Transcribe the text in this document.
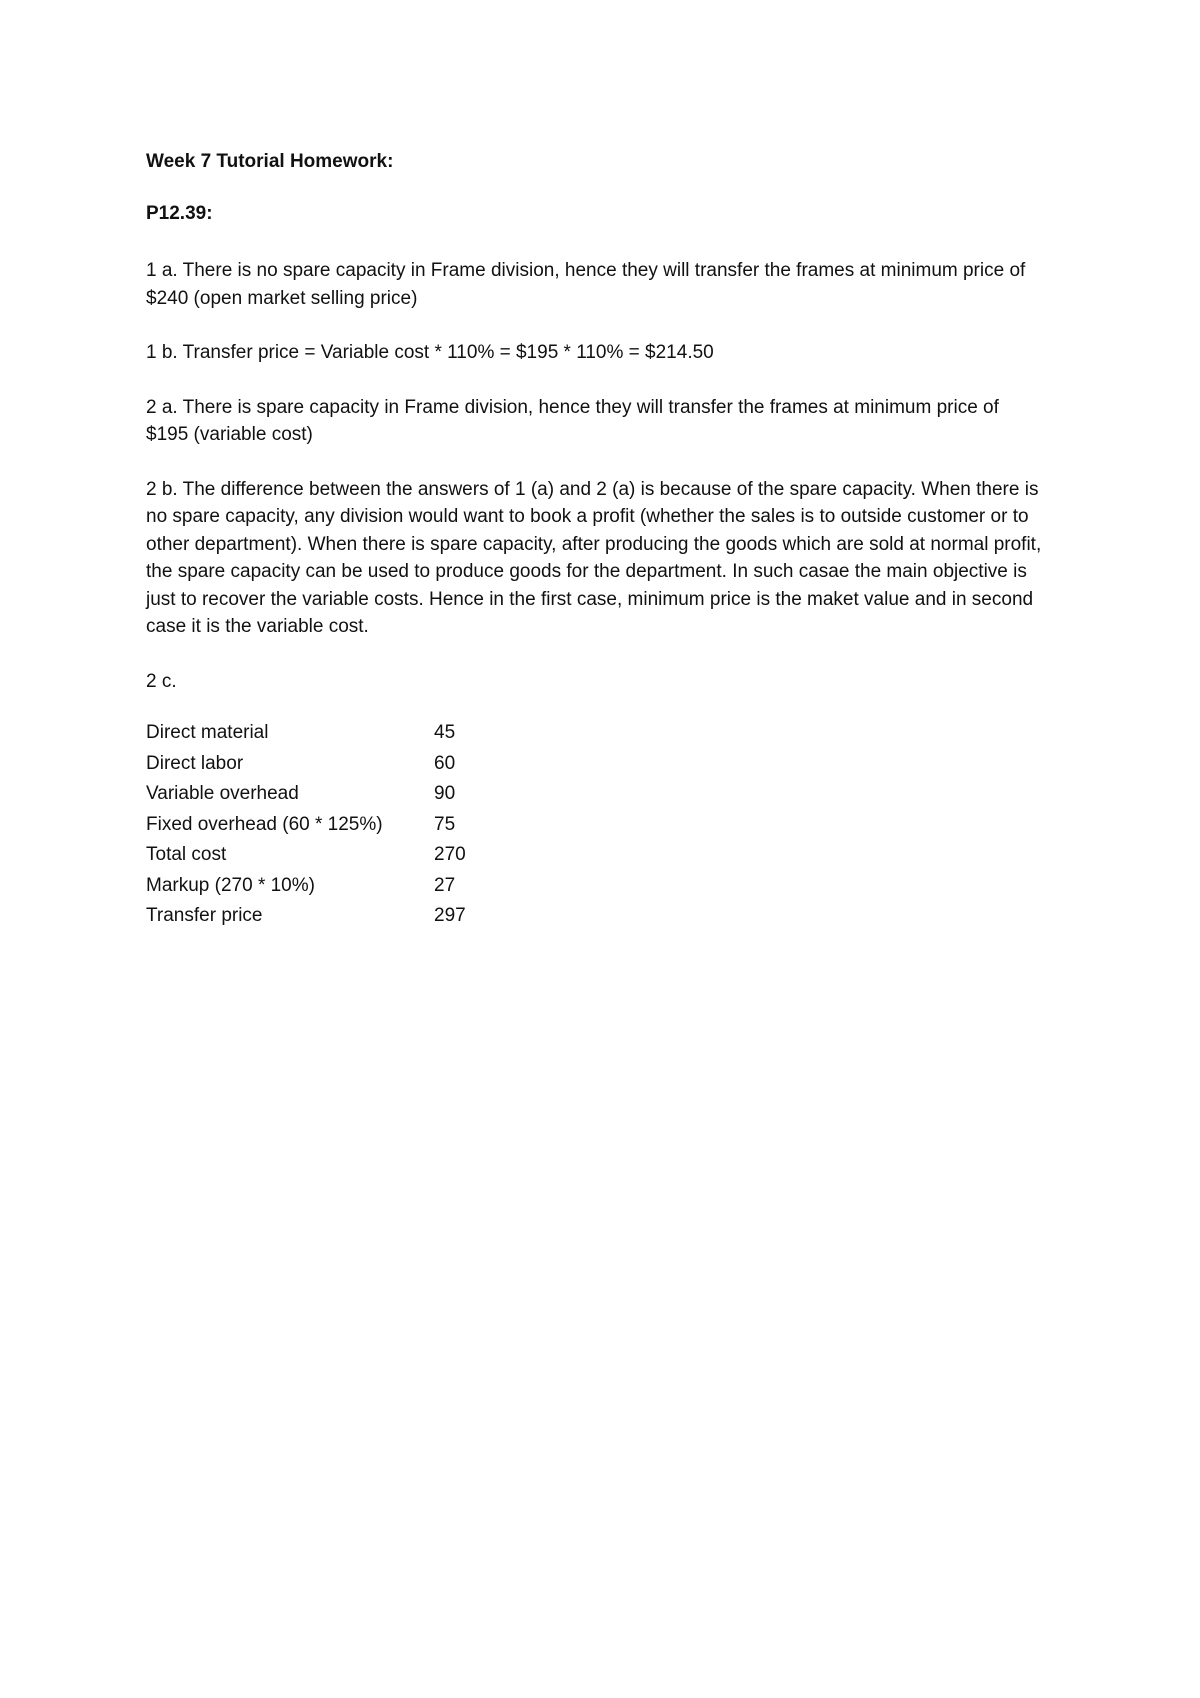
Week 7 Tutorial Homework:

P12.39:

1 a. There is no spare capacity in Frame division, hence they will transfer the frames at minimum price of $240 (open market selling price)

1 b. Transfer price = Variable cost * 110% = $195 * 110% = $214.50

2 a. There is spare capacity in Frame division, hence they will transfer the frames at minimum price of $195 (variable cost)

2 b. The difference between the answers of 1 (a) and 2 (a) is because of the spare capacity. When there is no spare capacity, any division would want to book a profit (whether the sales is to outside customer or to other department). When there is spare capacity, after producing the goods which are sold at normal profit, the spare capacity can be used to produce goods for the department. In such casae the main objective is just to recover the variable costs. Hence in the first case, minimum price is the maket value and in second case it is the variable cost.

2 c.

Direct material	45
Direct labor	60
Variable overhead	90
Fixed overhead (60 * 125%)	75
Total cost	270
Markup (270 * 10%)	27
Transfer price	297
